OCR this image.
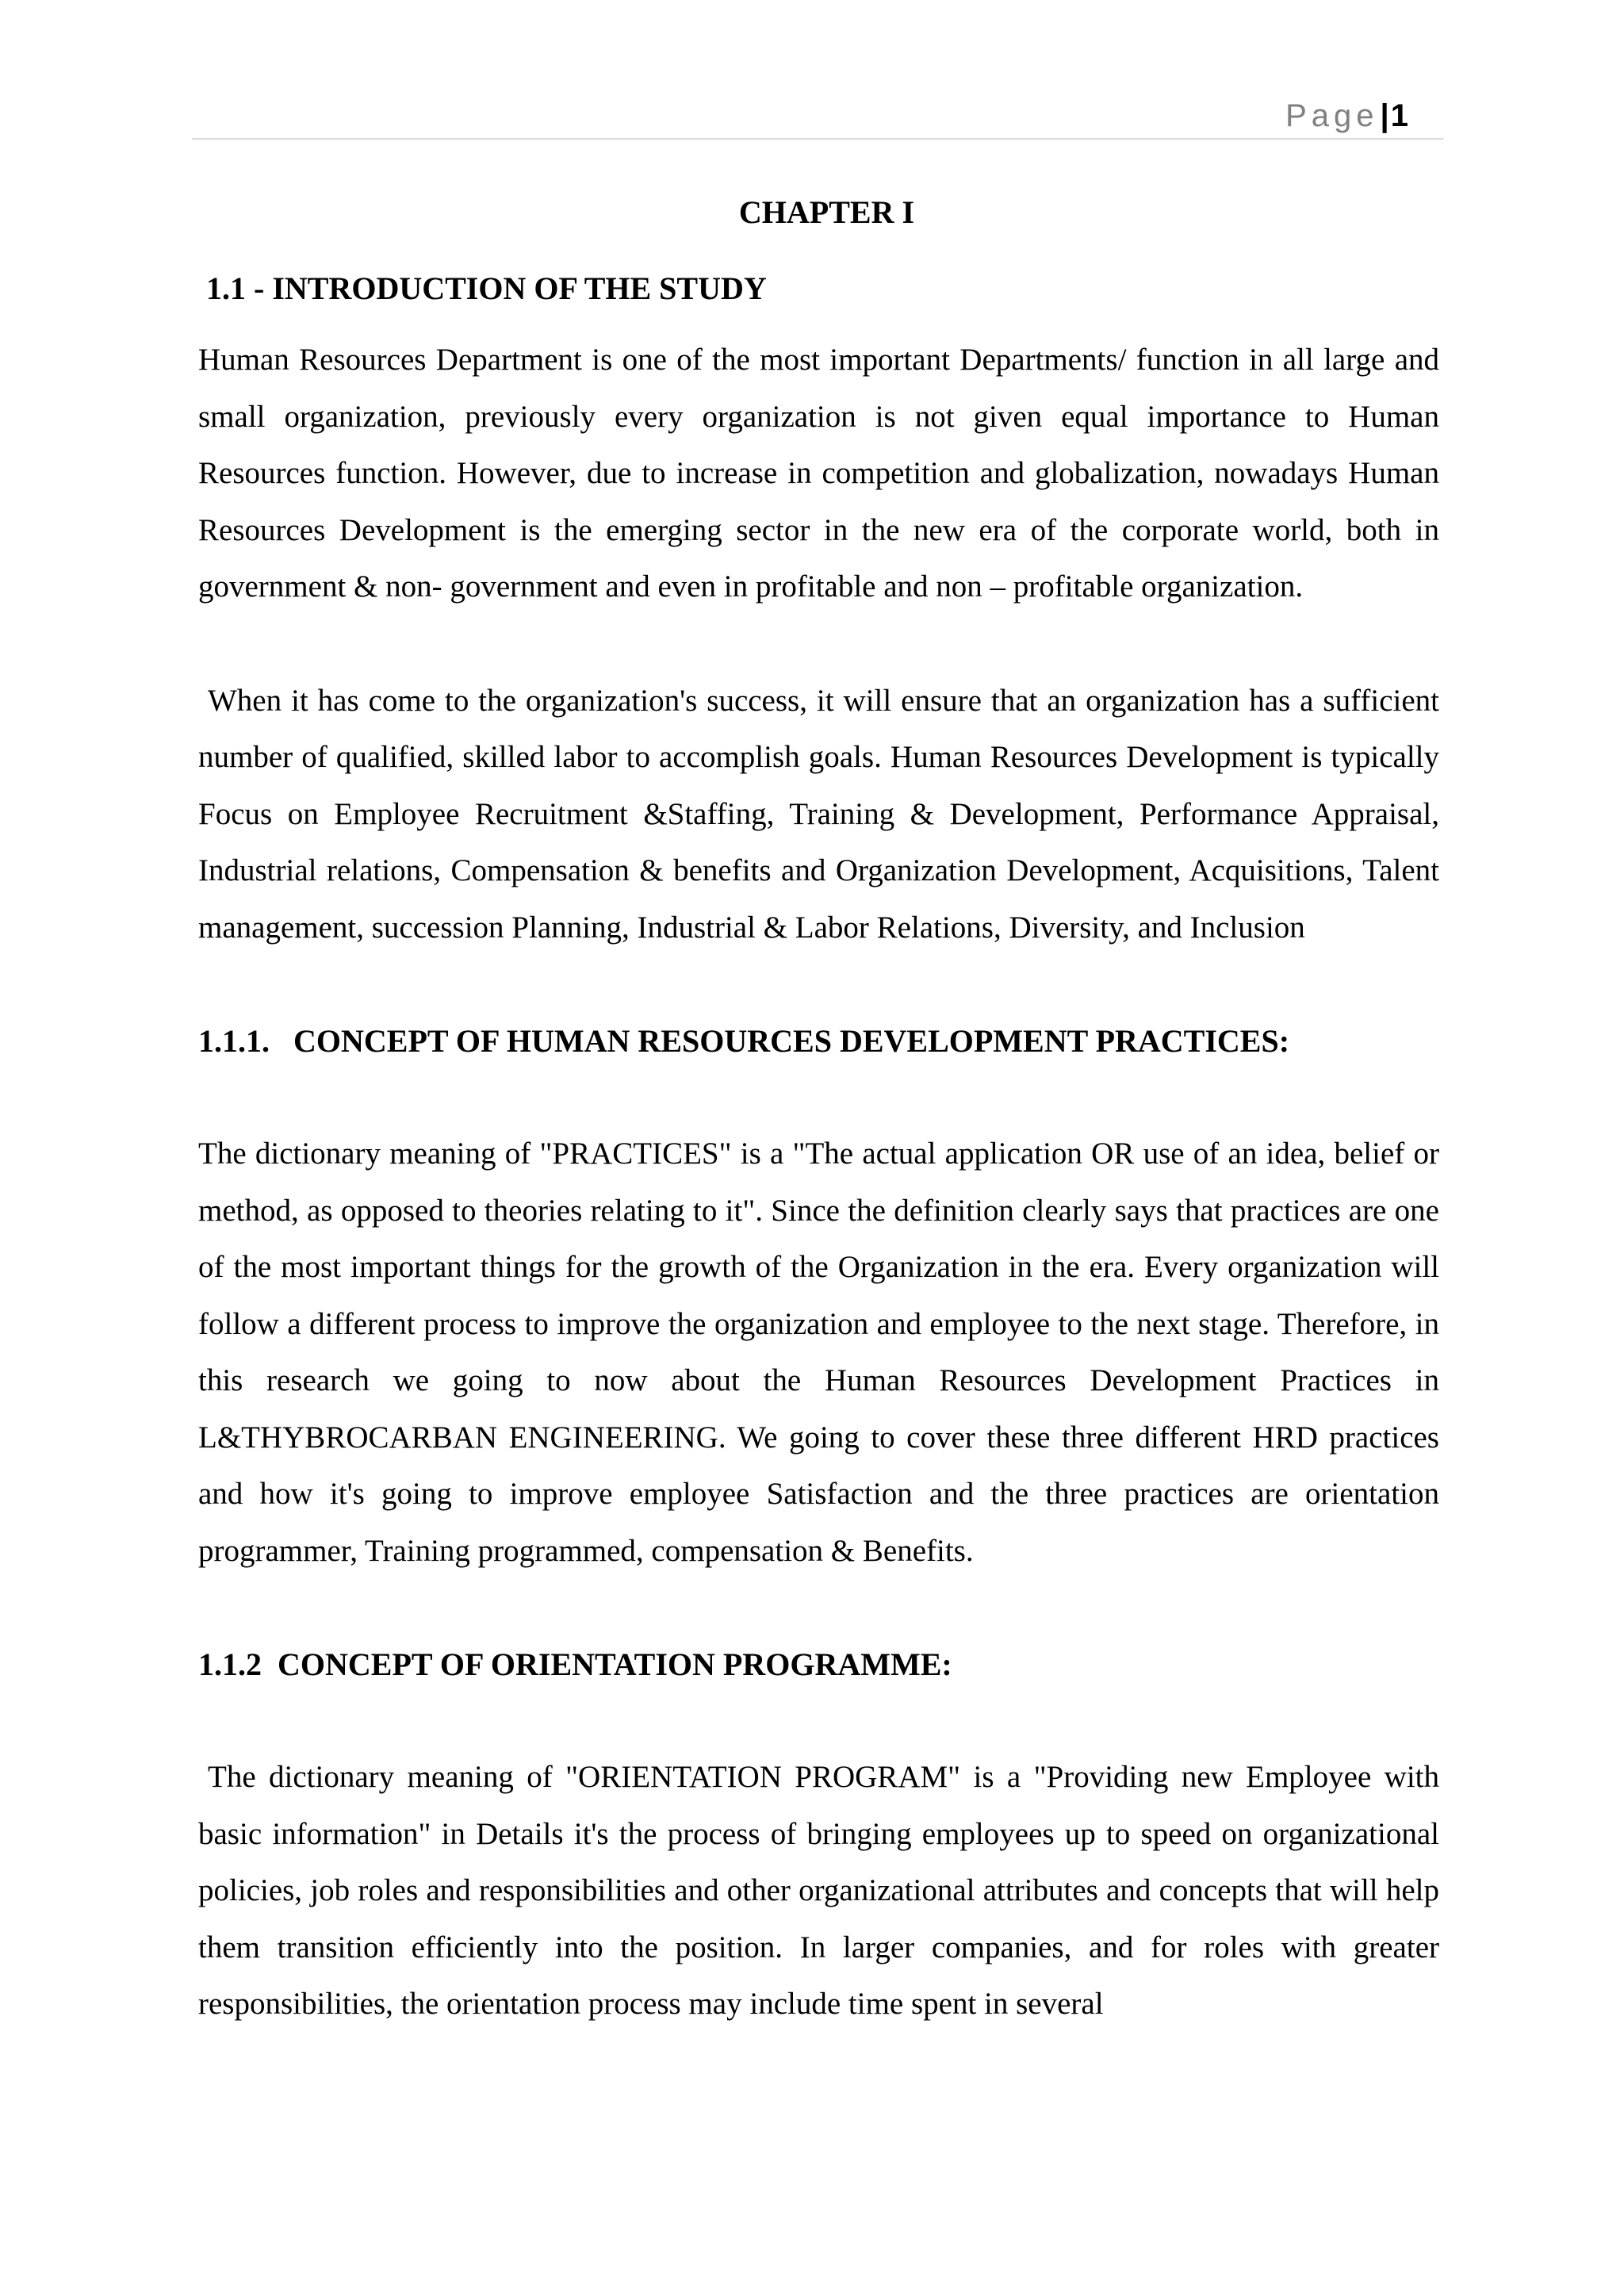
Page|1
CHAPTER I
1.1 - INTRODUCTION OF THE STUDY

Human Resources Department is one of the most important Departments/ function in all large and small organization, previously every organization is not given equal importance to Human Resources function. However, due to increase in competition and globalization, nowadays Human Resources Development is the emerging sector in the new era of the corporate world, both in government & non- government and even in profitable and non – profitable organization.

When it has come to the organization's success, it will ensure that an organization has a sufficient number of qualified, skilled labor to accomplish goals. Human Resources Development is typically Focus on Employee Recruitment &Staffing, Training & Development, Performance Appraisal, Industrial relations, Compensation & benefits and Organization Development, Acquisitions, Talent management, succession Planning, Industrial & Labor Relations, Diversity, and Inclusion

1.1.1.   CONCEPT OF HUMAN RESOURCES DEVELOPMENT PRACTICES:

The dictionary meaning of "PRACTICES" is a "The actual application OR use of an idea, belief or method, as opposed to theories relating to it". Since the definition clearly says that practices are one of the most important things for the growth of the Organization in the era. Every organization will follow a different process to improve the organization and employee to the next stage. Therefore, in this research we going to now about the Human Resources Development Practices in L&THYBROCARBAN ENGINEERING. We going to cover these three different HRD practices and how it's going to improve employee Satisfaction and the three practices are orientation programmer, Training programmed, compensation & Benefits.

1.1.2  CONCEPT OF ORIENTATION PROGRAMME:

The dictionary meaning of "ORIENTATION PROGRAM" is a "Providing new Employee with basic information" in Details it's the process of bringing employees up to speed on organizational policies, job roles and responsibilities and other organizational attributes and concepts that will help them transition efficiently into the position. In larger companies, and for roles with greater responsibilities, the orientation process may include time spent in several
